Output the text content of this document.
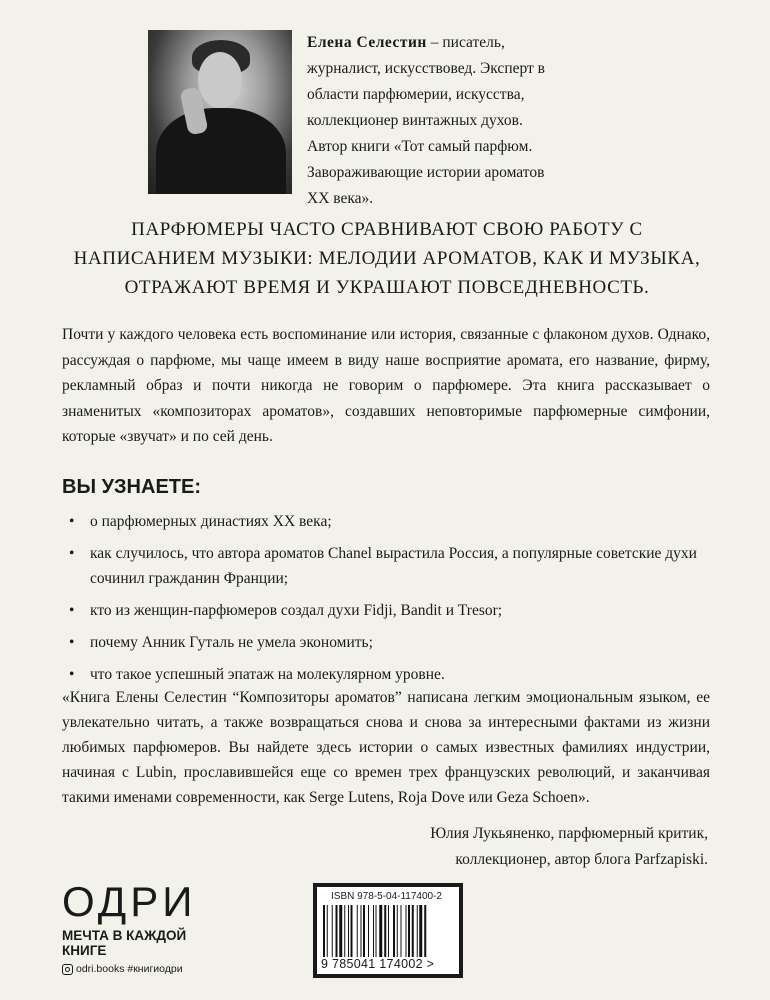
Елена Селестин – писатель, журналист, искусствовед. Эксперт в области парфюмерии, искусства, коллекционер винтажных духов. Автор книги «Тот самый парфюм. Завораживающие истории ароматов XX века».
ПАРФЮМЕРЫ ЧАСТО СРАВНИВАЮТ СВОЮ РАБОТУ С НАПИСАНИЕМ МУЗЫКИ: МЕЛОДИИ АРОМАТОВ, КАК И МУЗЫКА, ОТРАЖАЮТ ВРЕМЯ И УКРАШАЮТ ПОВСЕДНЕВНОСТЬ.
Почти у каждого человека есть воспоминание или история, связанные с флаконом духов. Однако, рассуждая о парфюме, мы чаще имеем в виду наше восприятие аромата, его название, фирму, рекламный образ и почти никогда не говорим о парфюмере. Эта книга рассказывает о знаменитых «композиторах ароматов», создавших неповторимые парфюмерные симфонии, которые «звучат» и по сей день.
ВЫ УЗНАЕТЕ:
• о парфюмерных династиях XX века;
• как случилось, что автора ароматов Chanel вырастила Россия, а популярные советские духи сочинил гражданин Франции;
• кто из женщин-парфюмеров создал духи Fidji, Bandit и Tresor;
• почему Анник Гуталь не умела экономить;
• что такое успешный эпатаж на молекулярном уровне.
«Книга Елены Селестин “Композиторы ароматов” написана легким эмоциональным языком, ее увлекательно читать, а также возвращаться снова и снова за интересными фактами из жизни любимых парфюмеров. Вы найдете здесь истории о самых известных фамилиях индустрии, начиная с Lubin, прославившейся еще со времен трех французских революций, и заканчивая такими именами современности, как Serge Lutens, Roja Dove или Geza Schoen».
Юлия Лукьяненко, парфюмерный критик,
коллекционер, автор блога Parfzapiski.
ОДРИ
МЕЧТА В КАЖДОЙ КНИГЕ
odri.books #книгиодри
ISBN 978-5-04-117400-2
9 785041 174002 >
